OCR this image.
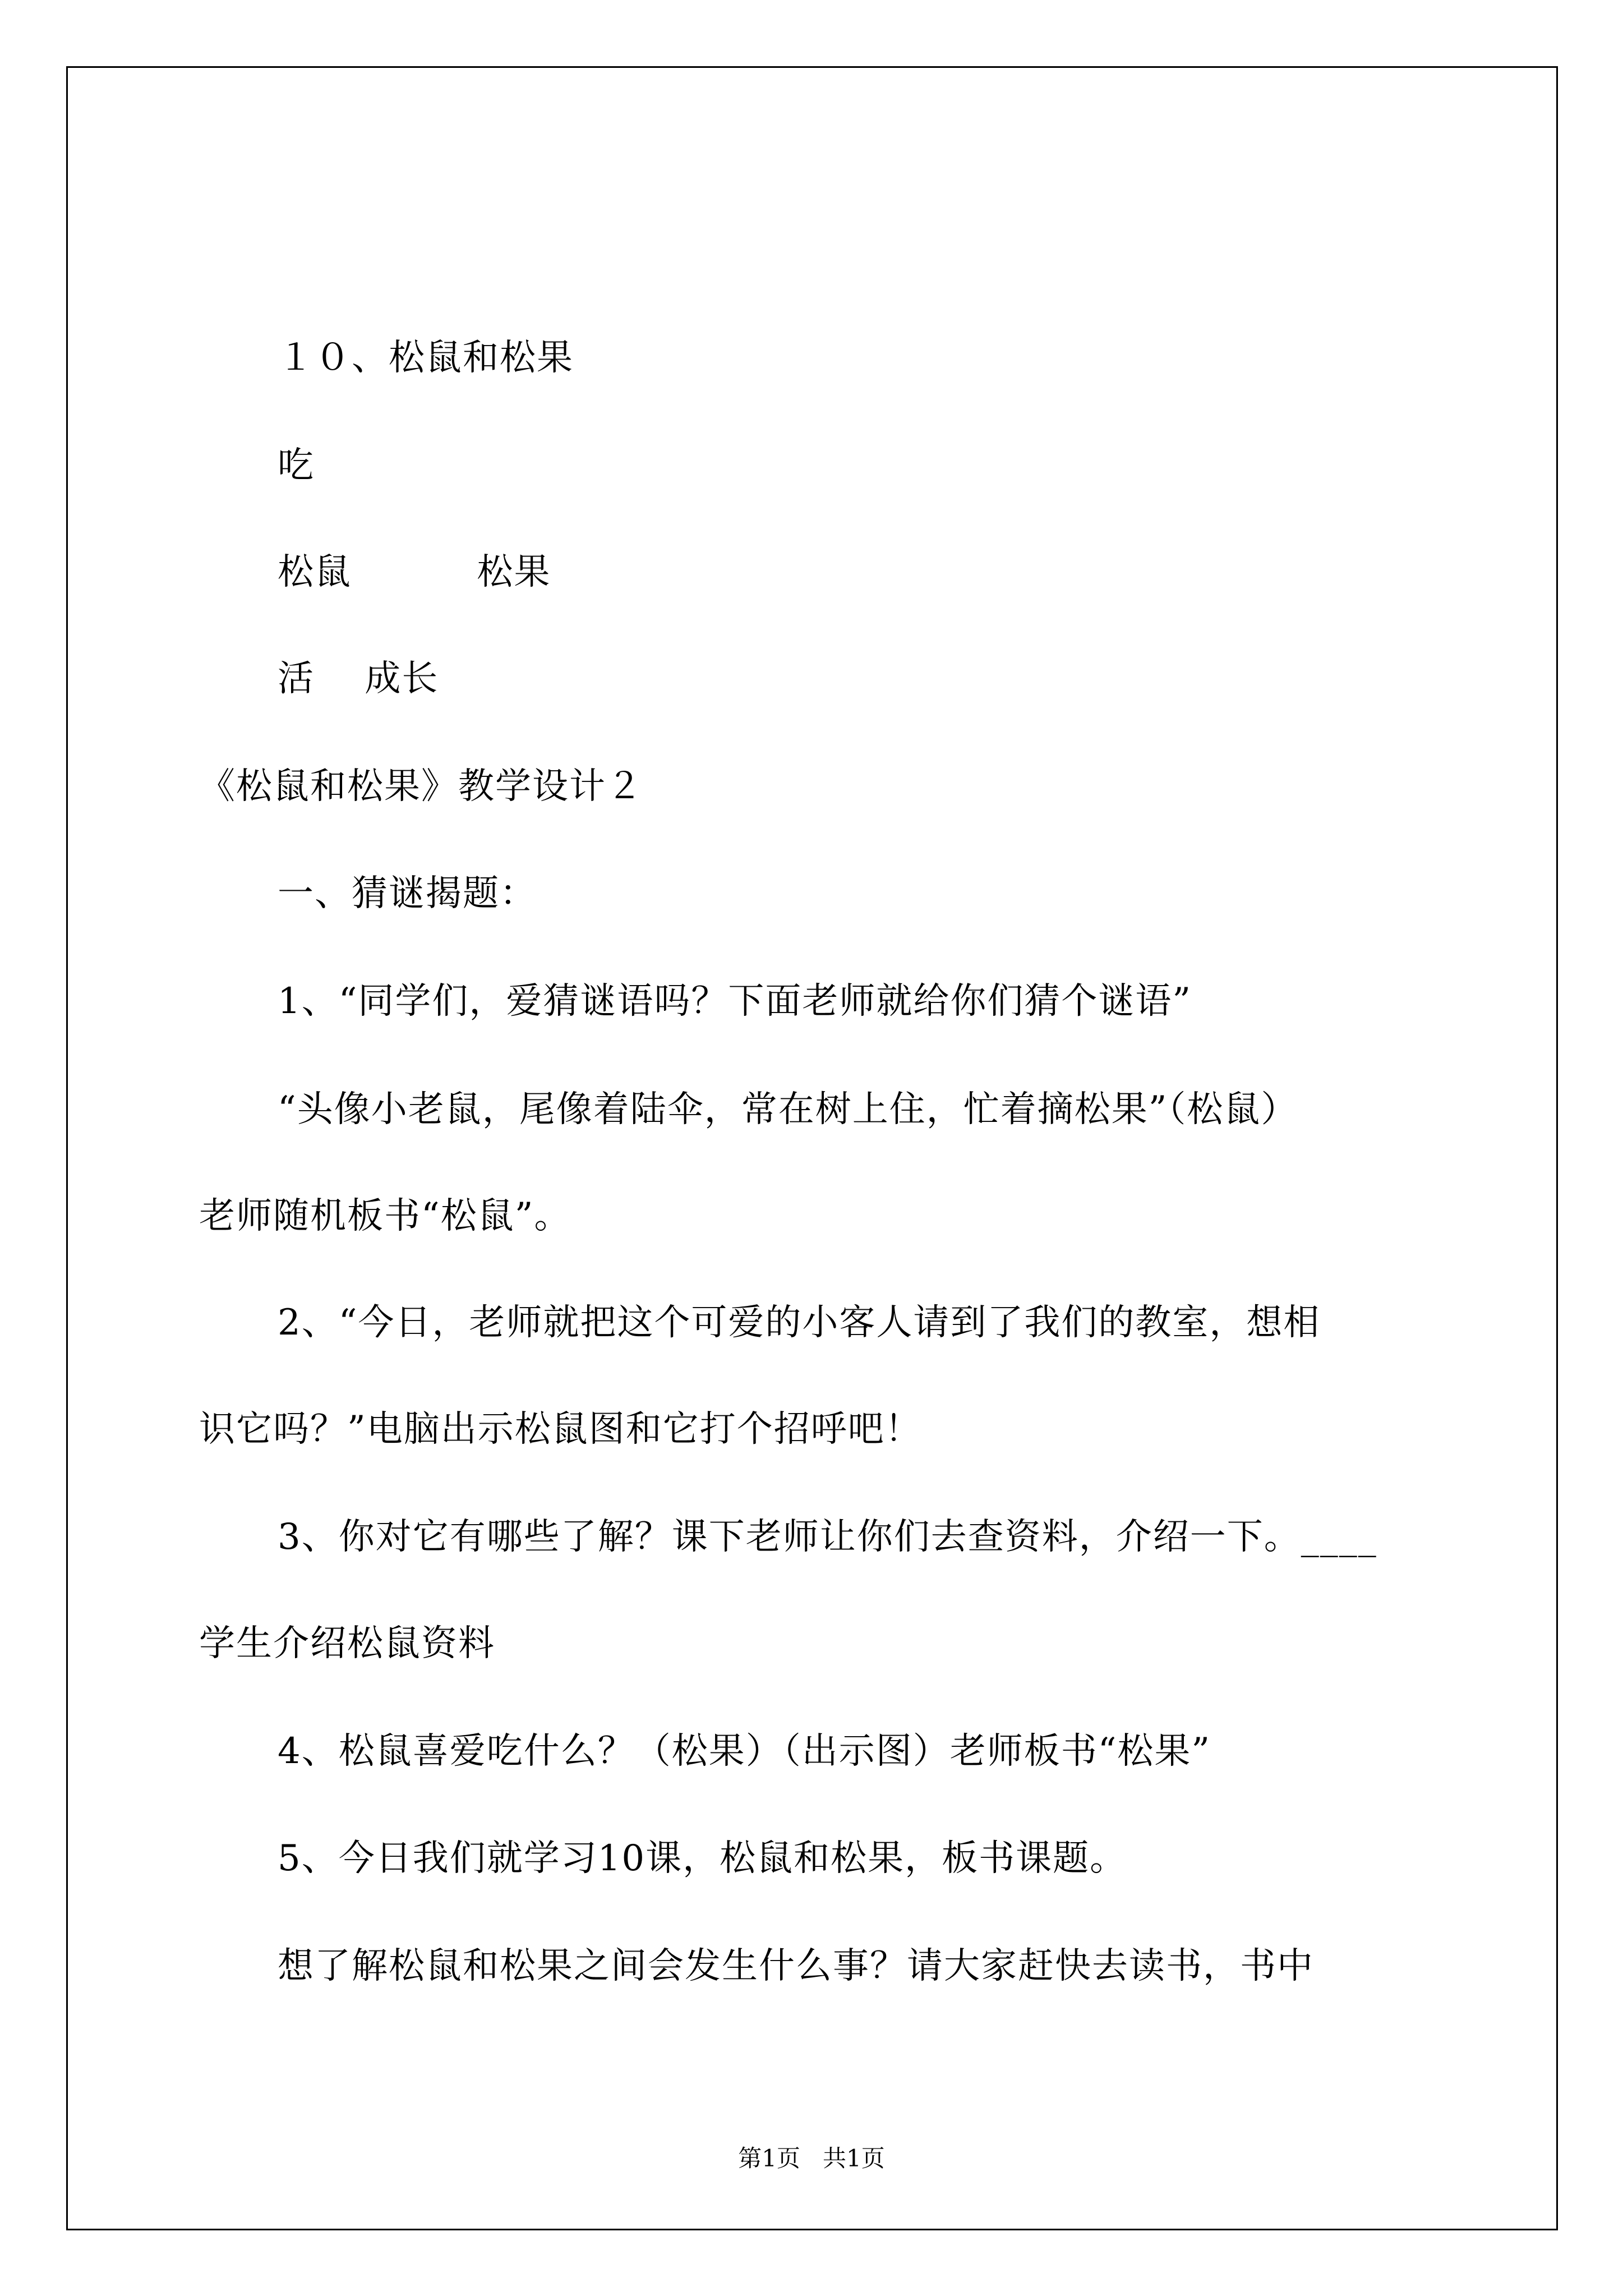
１０、松鼠和松果
吃
松鼠          松果
活    成长
《松鼠和松果》教学设计２
一、猜谜揭题：
1、“同学们，爱猜谜语吗？下面老师就给你们猜个谜语”
“头像小老鼠，尾像着陆伞，常在树上住，忙着摘松果”（松鼠）
老师随机板书“松鼠”。
2、“今日，老师就把这个可爱的小客人请到了我们的教室，想相
识它吗？”电脑出示松鼠图和它打个招呼吧！
3、你对它有哪些了解？课下老师让你们去查资料，介绍一下。____
学生介绍松鼠资料
4、松鼠喜爱吃什么？（松果）（出示图）老师板书“松果”
5、今日我们就学习10课，松鼠和松果，板书课题。
想了解松鼠和松果之间会发生什么事？请大家赶快去读书，书中
第1页   共1页
